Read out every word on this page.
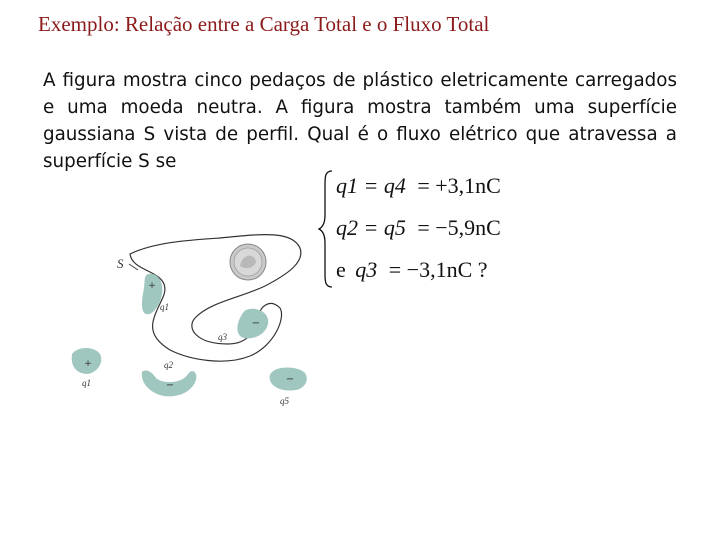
Exemplo: Relação entre a Carga Total e o Fluxo Total
A figura mostra cinco pedaços de plástico eletricamente carregados e uma moeda neutra. A figura mostra também uma superfície gaussiana S vista de perfil. Qual é o fluxo elétrico que atravessa a superfície S se
S
+
q1
−
q3
+
q1	−
q2
−
q5
q1 = q4 = +3,1nC
q2 = q5 = −5,9nC
e q3 = −3,1nC ?
